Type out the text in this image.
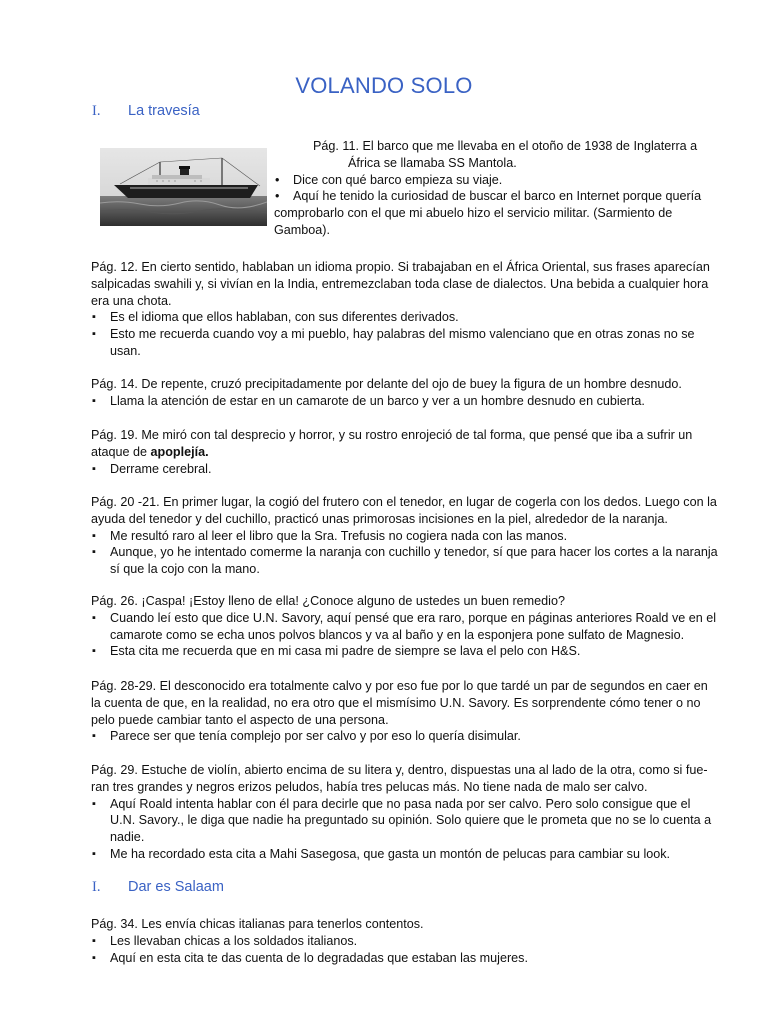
VOLANDO SOLO
I. La travesía

Pág. 11. El barco que me llevaba en el otoño de 1938 de Inglaterra a

África se llamaba SS Mantola.

• Dice con qué barco empieza su viaje.

• Aquí he tenido la curiosidad de buscar el barco en Internet porque quería

comprobarlo con el que mi abuelo hizo el servicio militar. (Sarmiento de

Gamboa).

Pág. 12. En cierto sentido, hablaban un idioma propio. Si trabajaban en el África Oriental, sus frases aparecían salpicadas swahili y, si vivían en la India, entremezclaban toda clase de dialectos. Una bebida a cualquier hora era una chota.

▪ Es el idioma que ellos hablaban, con sus diferentes derivados.
▪ Esto me recuerda cuando voy a mi pueblo, hay palabras del mismo valenciano que en otras zonas no se usan.

Pág. 14. De repente, cruzó precipitadamente por delante del ojo de buey la figura de un hombre desnudo.

▪ Llama la atención de estar en un camarote de un barco y ver a un hombre desnudo en cubierta.

Pág. 19. Me miró con tal desprecio y horror, y su rostro enrojeció de tal forma, que pensé que iba a sufrir un ataque de apoplejía.

▪ Derrame cerebral.

Pág. 20 -21. En primer lugar, la cogió del frutero con el tenedor, en lugar de cogerla con los dedos. Luego con la ayuda del tenedor y del cuchillo, practicó unas primorosas incisiones en la piel, alrededor de la naranja.

▪ Me resultó raro al leer el libro que la Sra. Trefusis no cogiera nada con las manos.
▪ Aunque, yo he intentado comerme la naranja con cuchillo y tenedor, sí que para hacer los cortes a la naranja sí que la cojo con la mano.

Pág. 26. ¡Caspa! ¡Estoy lleno de ella! ¿Conoce alguno de ustedes un buen remedio?

▪ Cuando leí esto que dice U.N. Savory, aquí pensé que era raro, porque en páginas anteriores Roald ve en el camarote como se echa unos polvos blancos y va al baño y en la esponjera pone sulfato de Magnesio.
▪ Esta cita me recuerda que en mi casa mi padre de siempre se lava el pelo con H&S.

Pág. 28-29. El desconocido era totalmente calvo y por eso fue por lo que tardé un par de segundos en caer en la cuenta de que, en la realidad, no era otro que el mismísimo U.N. Savory. Es sorprendente cómo tener o no pelo puede cambiar tanto el aspecto de una persona.

▪ Parece ser que tenía complejo por ser calvo y por eso lo quería disimular.

Pág. 29. Estuche de violín, abierto encima de su litera y, dentro, dispuestas una al lado de la otra, como si fue-ran tres grandes y negros erizos peludos, había tres pelucas más. No tiene nada de malo ser calvo.

▪ Aquí Roald intenta hablar con él para decirle que no pasa nada por ser calvo. Pero solo consigue que el U.N. Savory., le diga que nadie ha preguntado su opinión. Solo quiere que le prometa que no se lo cuenta a nadie.
▪ Me ha recordado esta cita a Mahi Sasegosa, que gasta un montón de pelucas para cambiar su look.
I. Dar es Salaam

Pág. 34. Les envía chicas italianas para tenerlos contentos.

▪ Les llevaban chicas a los soldados italianos.
▪ Aquí en esta cita te das cuenta de lo degradadas que estaban las mujeres.
